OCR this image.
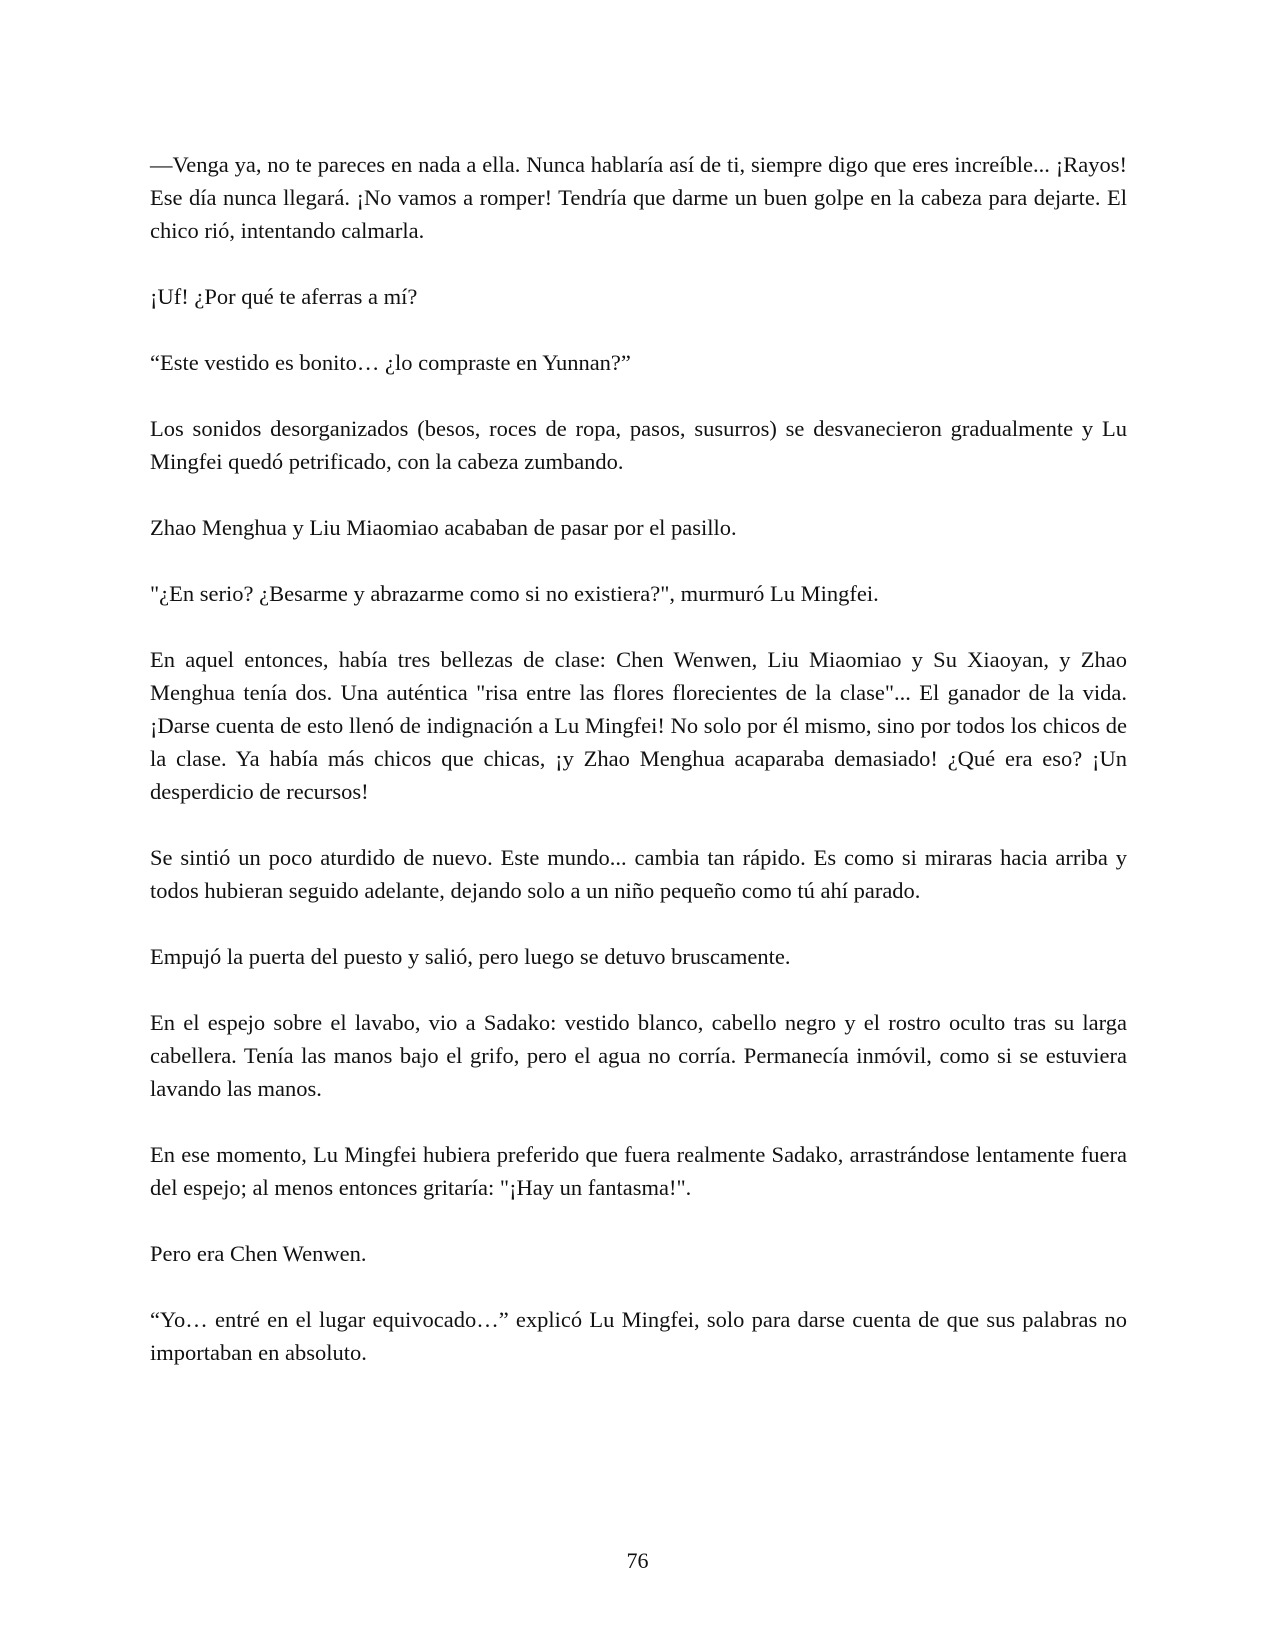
—Venga ya, no te pareces en nada a ella. Nunca hablaría así de ti, siempre digo que eres increíble... ¡Rayos! Ese día nunca llegará. ¡No vamos a romper! Tendría que darme un buen golpe en la cabeza para dejarte. El chico rió, intentando calmarla.

¡Uf! ¿Por qué te aferras a mí?

“Este vestido es bonito… ¿lo compraste en Yunnan?”

Los sonidos desorganizados (besos, roces de ropa, pasos, susurros) se desvanecieron gradualmente y Lu Mingfei quedó petrificado, con la cabeza zumbando.

Zhao Menghua y Liu Miaomiao acababan de pasar por el pasillo.

"¿En serio? ¿Besarme y abrazarme como si no existiera?", murmuró Lu Mingfei.

En aquel entonces, había tres bellezas de clase: Chen Wenwen, Liu Miaomiao y Su Xiaoyan, y Zhao Menghua tenía dos. Una auténtica "risa entre las flores florecientes de la clase"... El ganador de la vida. ¡Darse cuenta de esto llenó de indignación a Lu Mingfei! No solo por él mismo, sino por todos los chicos de la clase. Ya había más chicos que chicas, ¡y Zhao Menghua acaparaba demasiado! ¿Qué era eso? ¡Un desperdicio de recursos!

Se sintió un poco aturdido de nuevo. Este mundo... cambia tan rápido. Es como si miraras hacia arriba y todos hubieran seguido adelante, dejando solo a un niño pequeño como tú ahí parado.

Empujó la puerta del puesto y salió, pero luego se detuvo bruscamente.

En el espejo sobre el lavabo, vio a Sadako: vestido blanco, cabello negro y el rostro oculto tras su larga cabellera. Tenía las manos bajo el grifo, pero el agua no corría. Permanecía inmóvil, como si se estuviera lavando las manos.

En ese momento, Lu Mingfei hubiera preferido que fuera realmente Sadako, arrastrándose lentamente fuera del espejo; al menos entonces gritaría: "¡Hay un fantasma!".

Pero era Chen Wenwen.

“Yo… entré en el lugar equivocado…” explicó Lu Mingfei, solo para darse cuenta de que sus palabras no importaban en absoluto.

76
